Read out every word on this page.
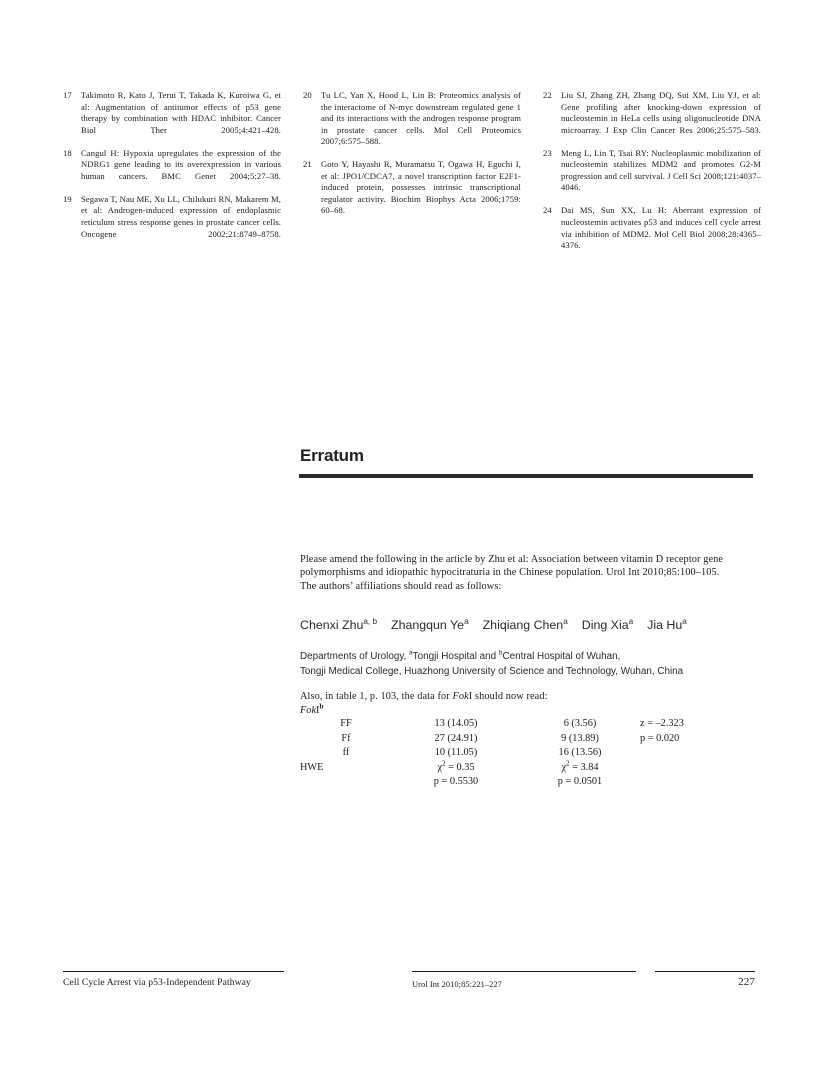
17	Takimoto R, Kato J, Terui T, Takada K, Kuroiwa G, et al: Augmentation of antitumor effects of p53 gene therapy by combination with HDAC inhibitor. Cancer Biol Ther 2005;4:421–428.
18	Cangul H: Hypoxia upregulates the expression of the NDRG1 gene leading to its overexpression in various human cancers. BMC Genet 2004;5:27–38.
19	Segawa T, Nau ME, Xu LL, Chilukuri RN, Makarem M, et al: Androgen-induced expression of endoplasmic reticulum stress response genes in prostate cancer cells. Oncogene 2002;21:8749–8758.
20	Tu LC, Yan X, Hood L, Lin B: Proteomics analysis of the interactome of N-myc downstream regulated gene 1 and its interactions with the androgen response program in prostate cancer cells. Mol Cell Proteomics 2007;6:575–588.
21	Goto Y, Hayashi R, Muramatsu T, Ogawa H, Eguchi I, et al: JPO1/CDCA7, a novel transcription factor E2F1-induced protein, possesses intrinsic transcriptional regulator activity. Biochim Biophys Acta 2006;1759: 60–68.
22	Liu SJ, Zhang ZH, Zhang DQ, Sui XM, Liu YJ, et al: Gene profiling after knocking-down expression of nucleostemin in HeLa cells using oligonucleotide DNA microarray. J Exp Clin Cancer Res 2006;25:575–583.
23	Meng L, Lin T, Tsai RY: Nucleoplasmic mobilization of nucleostemin stabilizes MDM2 and promotes G2-M progression and cell survival. J Cell Sci 2008;121:4037–4046.
24	Dai MS, Sun XX, Lu H: Aberrant expression of nucleostemin activates p53 and induces cell cycle arrest via inhibition of MDM2. Mol Cell Biol 2008;28:4365–4376.
Erratum
Please amend the following in the article by Zhu et al: Association between vitamin D receptor gene polymorphisms and idiopathic hypocitraturia in the Chinese population. Urol Int 2010;85:100–105.
The authors’ affiliations should read as follows:
Chenxi Zhu$^{a, b}$ Zhangqun Ye$^a$ Zhiqiang Chen$^a$ Ding Xia$^a$ Jia Hu$^a$
Departments of Urology, $^a$Tongji Hospital and $^b$Central Hospital of Wuhan,
Tongji Medical College, Huazhong University of Science and Technology, Wuhan, China
Also, in table 1, p. 103, the data for FokI should now read:
FokI$^b$
FF	13 (14.05)	6 (3.56)	z = –2.323
Ff	27 (24.91)	9 (13.89)	p = 0.020
ff	10 (11.05)	16 (13.56)	
HWE	$\chi^2 = 0.35$	$\chi^2 = 3.84$	
	p = 0.5530	p = 0.0501	
Cell Cycle Arrest via p53-Independent Pathway	Urol Int 2010;85:221–227	227
